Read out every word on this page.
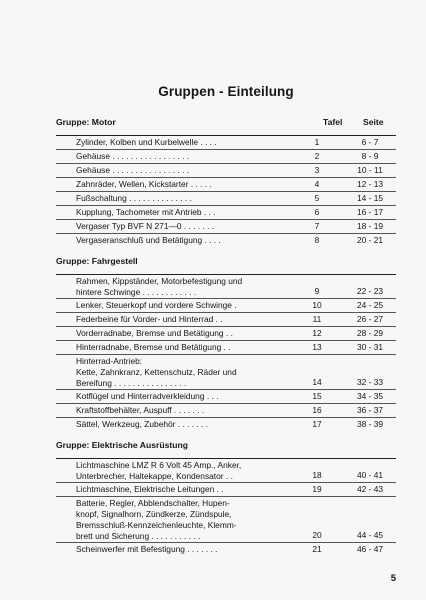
Gruppen - Einteilung
Gruppe: Motor	Tafel Seite
Zylinder, Kolben und Kurbelwelle . . . .	1	6 - 7
Gehäuse . . . . . . . . . . . . . . . . .	2	8 - 9
Gehäuse . . . . . . . . . . . . . . . . .	3	10 - 11
Zahnräder, Wellen, Kickstarter . . . . .	4	12 - 13
Fußschaltung . . . . . . . . . . . . . .	5	14 - 15
Kupplung, Tachometer mit Antrieb . . .	6	16 - 17
Vergaser Typ BVF N 271—0 . . . . . . .	7	18 - 19
Vergaseranschluß und Betätigung . . . .	8	20 - 21
Gruppe: Fahrgestell
Rahmen, Kippständer, Motorbefestigung und
hintere Schwinge . . . . . . . . . . . .	9	22 - 23
Lenker, Steuerkopf und vordere Schwinge .	10	24 - 25
Federbeine für Vorder- und Hinterrad . .	11	26 - 27
Vorderradnabe, Bremse und Betätigung . .	12	28 - 29
Hinterradnabe, Bremse und Betätigung . .	13	30 - 31
Hinterrad-Antrieb:
Kette, Zahnkranz, Kettenschutz, Räder und
Bereifung . . . . . . . . . . . . . . . .	14	32 - 33
Kotflügel und Hinterradverkleidung . . .	15	34 - 35
Kraftstoffbehälter, Auspuff . . . . . . .	16	36 - 37
Sättel, Werkzeug, Zubehör . . . . . . .	17	38 - 39
Gruppe: Elektrische Ausrüstung
Lichtmaschine LMZ R 6 Volt 45 Amp., Anker,
Unterbrecher, Haltekappe, Kondensator . .	18	40 - 41
Lichtmaschine, Elektrische Leitungen . .	19	42 - 43
Batterie, Regler, Abblendschalter, Hupen-
knopf, Signalhorn, Zündkerze, Zündspule,
Bremsschluß-Kennzeichenleuchte, Klemm-
brett und Sicherung . . . . . . . . . . .	20	44 - 45
Scheinwerfer mit Befestigung . . . . . . .	21	46 - 47
5
